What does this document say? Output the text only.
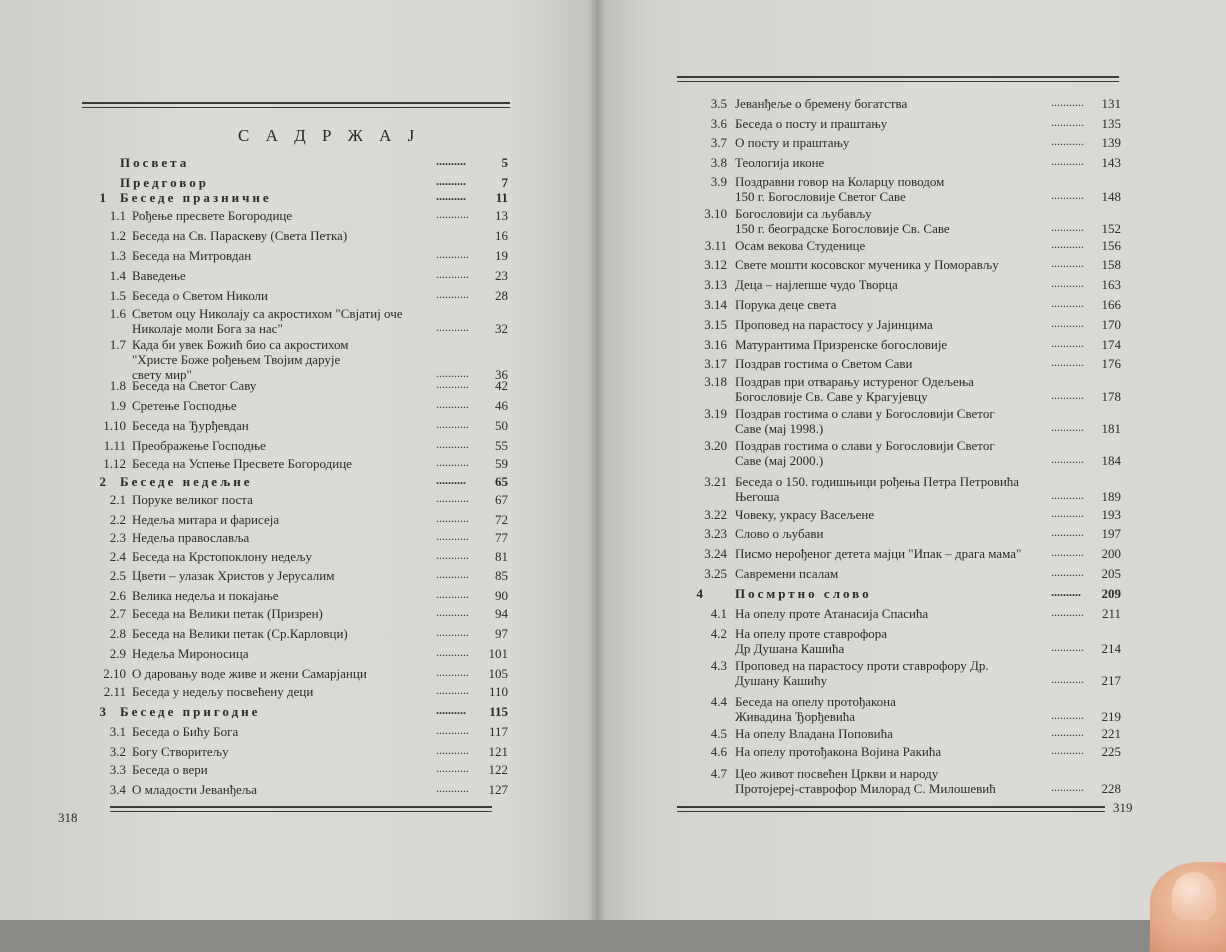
С А Д Р Ж А Ј
Посвета	..........	5
Предговор	..........	7
1 Беседе празничне	..........	11
1.1 Рођење пресвете Богородице	...........	13
1.2 Беседа на Св. Параскеву (Света Петка)	16
1.3 Беседа на Митровдан	...........	19
1.4 Ваведење	...........	23
1.5 Беседа о Светом Николи	...........	28
1.6 Светом оцу Николају са акростихом "Свјатиј оче
Николаје моли Бога за нас"	...........	32
1.7 Када би увек Божић био са акростихом
"Христе Боже рођењем Твојим дарује
свету мир"	...........	36
1.8 Беседа на Светог Саву	...........	42
1.9 Сретење Господње	...........	46
1.10 Беседа на Ђурђевдан	...........	50
1.11 Преображење Господње	...........	55
1.12 Беседа на Успење Пресвете Богородице	...........	59
2 Беседе недељне	..........	65
2.1 Поруке великог поста	...........	67
2.2 Недеља митара и фарисеја	...........	72
2.3 Недеља православља	...........	77
2.4 Беседа на Крстопоклону недељу	...........	81
2.5 Цвети – улазак Христов у Јерусалим	...........	85
2.6 Велика недеља и покајање	...........	90
2.7 Беседа на Велики петак (Призрен)	...........	94
2.8 Беседа на Велики петак (Ср.Карловци)	...........	97
2.9 Недеља Мироносица	...........	101
2.10 О даровању воде живе и жени Самарјанци	...........	105
2.11 Беседа у недељу посвећену деци	...........	110
3 Беседе пригодне	..........	115
3.1 Беседа о Бићу Бога	...........	117
3.2 Богу Створитељу	...........	121
3.3 Беседа о вери	...........	122
3.4 О младости Јеванђеља	...........	127
318
3.5 Јеванђеље о бремену богатства	...........	131
3.6 Беседа о посту и праштању	...........	135
3.7 О посту и праштању	...........	139
3.8 Теологија иконе	...........	143
3.9 Поздравни говор на Коларцу поводом
150 г. Богословије Светог Саве	...........	148
3.10 Богословији са љубављу
150 г. београдске Богословије Св. Саве	...........	152
3.11 Осам векова Студенице	...........	156
3.12 Свете мошти косовског мученика у Поморављу	...........	158
3.13 Деца – најлепше чудо Творца	...........	163
3.14 Порука деце света	...........	166
3.15 Проповед на парастосу у Јајинцима	...........	170
3.16 Матурантима Призренске богословије	...........	174
3.17 Поздрав гостима о Светом Сави	...........	176
3.18 Поздрав при отварању истуреног Одељења
Богословије Св. Саве у Крагујевцу	...........	178
3.19 Поздрав гостима о слави у Богословији Светог
Саве (мај 1998.)	...........	181
3.20 Поздрав гостима о слави у Богословији Светог
Саве (мај 2000.)	...........	184
3.21 Беседа о 150. годишњици рођења Петра Петровића
Његоша	...........	189
3.22 Човеку, украсу Васељене	...........	193
3.23 Слово о љубави	...........	197
3.24 Писмо нерођеног детета мајци "Ипак – драга мама" ...........	200
3.25 Савремени псалам	...........	205
4 Посмртно слово	..........	209
4.1 На опелу проте Атанасија Спасића	...........	211
4.2 На опелу проте ставрофора
Др Душана Кашића	...........	214
4.3 Проповед на парастосу проти ставрофору Др.
Душану Кашићу	...........	217
4.4 Беседа на опелу протођакона
Живадина Ђорђевића	...........	219
4.5 На опелу Владана Поповића	...........	221
4.6 На опелу протођакона Војина Ракића	...........	225
4.7 Цео живот посвећен Цркви и народу
Протојереј-ставрофор Милорад С. Милошевић	...........	228
319
